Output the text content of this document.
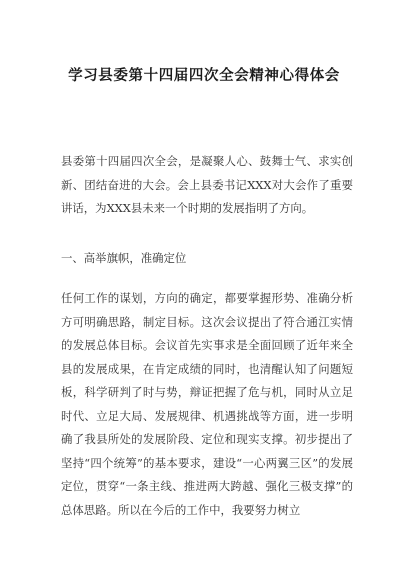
学习县委第十四届四次全会精神心得体会

县委第十四届四次全会，是凝聚人心、鼓舞士气、求实创新、团结奋进的大会。会上县委书记XXX对大会作了重要讲话，为XXX县未来一个时期的发展指明了方向。

一、高举旗帜，准确定位

任何工作的谋划，方向的确定，都要掌握形势、准确分析方可明确思路，制定目标。这次会议提出了符合通江实情的发展总体目标。会议首先实事求是全面回顾了近年来全县的发展成果，在肯定成绩的同时，也清醒认知了问题短板，科学研判了时与势，辩证把握了危与机，同时从立足时代、立足大局、发展规律、机遇挑战等方面，进一步明确了我县所处的发展阶段、定位和现实支撑。初步提出了坚持“四个统筹”的基本要求，建设“一心两翼三区”的发展定位，贯穿“一条主线、推进两大跨越、强化三极支撑”的总体思路。所以在今后的工作中，我要努力树立
